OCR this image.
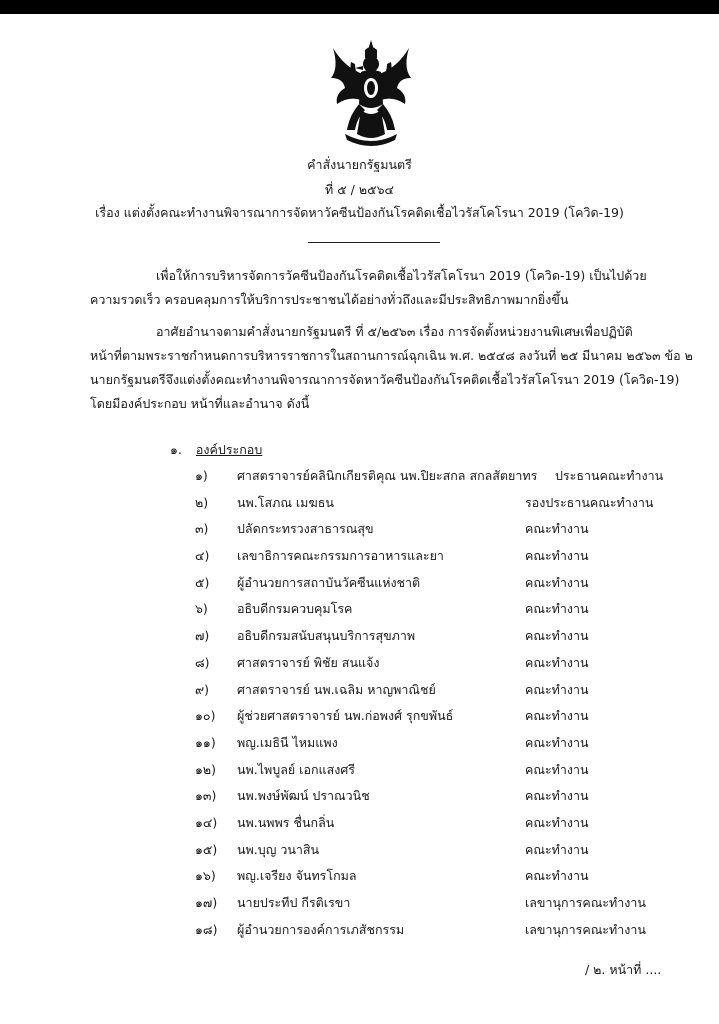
คำสั่งนายกรัฐมนตรี
ที่ ๕ / ๒๕๖๔
เรื่อง แต่งตั้งคณะทำงานพิจารณาการจัดหาวัคซีนป้องกันโรคติดเชื้อไวรัสโคโรนา 2019 (โควิด-19)
เพื่อให้การบริหารจัดการวัคซีนป้องกันโรคติดเชื้อไวรัสโคโรนา 2019 (โควิด-19) เป็นไปด้วย
ความรวดเร็ว ครอบคลุมการให้บริการประชาชนได้อย่างทั่วถึงและมีประสิทธิภาพมากยิ่งขึ้น
อาศัยอำนาจตามคำสั่งนายกรัฐมนตรี ที่ ๕/๒๕๖๓ เรื่อง การจัดตั้งหน่วยงานพิเศษเพื่อปฏิบัติ
หน้าที่ตามพระราชกำหนดการบริหารราชการในสถานการณ์ฉุกเฉิน พ.ศ. ๒๕๔๘ ลงวันที่ ๒๕ มีนาคม ๒๕๖๓ ข้อ ๒
นายกรัฐมนตรีจึงแต่งตั้งคณะทำงานพิจารณาการจัดหาวัคซีนป้องกันโรคติดเชื้อไวรัสโคโรนา 2019 (โควิด-19)
โดยมีองค์ประกอบ หน้าที่และอำนาจ ดังนี้
๑. องค์ประกอบ
๑) ศาสตราจารย์คลินิกเกียรติคุณ นพ.ปิยะสกล สกลสัตยาทร ประธานคณะทำงาน
๒) นพ.โสภณ เมฆธน	รองประธานคณะทำงาน
๓) ปลัดกระทรวงสาธารณสุข	คณะทำงาน
๔) เลขาธิการคณะกรรมการอาหารและยา	คณะทำงาน
๕) ผู้อำนวยการสถาบันวัคซีนแห่งชาติ	คณะทำงาน
๖) อธิบดีกรมควบคุมโรค	คณะทำงาน
๗) อธิบดีกรมสนับสนุนบริการสุขภาพ	คณะทำงาน
๘) ศาสตราจารย์ พิชัย สนแจ้ง	คณะทำงาน
๙) ศาสตราจารย์ นพ.เฉลิม หาญพาณิชย์	คณะทำงาน
๑๐) ผู้ช่วยศาสตราจารย์ นพ.ก่อพงศ์ รุกขพันธ์	คณะทำงาน
๑๑) พญ.เมธินี ไหมแพง	คณะทำงาน
๑๒) นพ.ไพบูลย์ เอกแสงศรี	คณะทำงาน
๑๓) นพ.พงษ์พัฒน์ ปราณวนิช	คณะทำงาน
๑๔) นพ.นพพร ชื่นกลิ่น	คณะทำงาน
๑๕) นพ.บุญ วนาสิน	คณะทำงาน
๑๖) พญ.เจรียง จันทรโกมล	คณะทำงาน
๑๗) นายประทีป กีรติเรขา	เลขานุการคณะทำงาน
๑๘) ผู้อำนวยการองค์การเภสัชกรรม	เลขานุการคณะทำงาน
/ ๒. หน้าที่ ....
